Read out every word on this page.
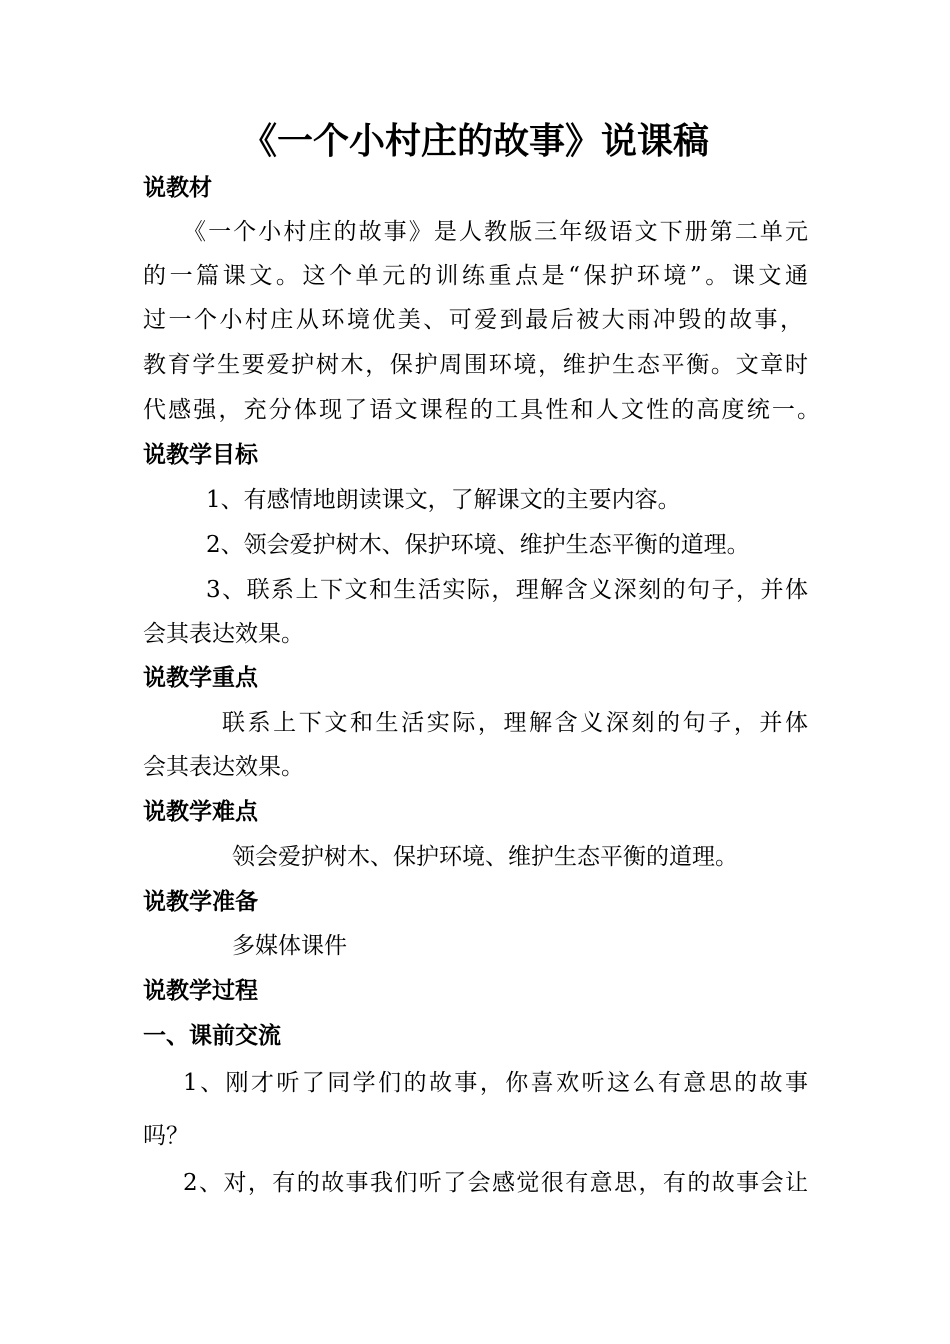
《一个小村庄的故事》说课稿
说教材
《一个小村庄的故事》是人教版三年级语文下册第二单元
的一篇课文。这个单元的训练重点是“保护环境”。课文通
过一个小村庄从环境优美、可爱到最后被大雨冲毁的故事，
教育学生要爱护树木，保护周围环境，维护生态平衡。文章时
代感强，充分体现了语文课程的工具性和人文性的高度统一。
说教学目标
1、有感情地朗读课文，了解课文的主要内容。
2、领会爱护树木、保护环境、维护生态平衡的道理。
3、联系上下文和生活实际，理解含义深刻的句子，并体
会其表达效果。
说教学重点
联系上下文和生活实际，理解含义深刻的句子，并体
会其表达效果。
说教学难点
领会爱护树木、保护环境、维护生态平衡的道理。
说教学准备
多媒体课件
说教学过程
一、课前交流
1、刚才听了同学们的故事，你喜欢听这么有意思的故事
吗？
2、对，有的故事我们听了会感觉很有意思，有的故事会让
